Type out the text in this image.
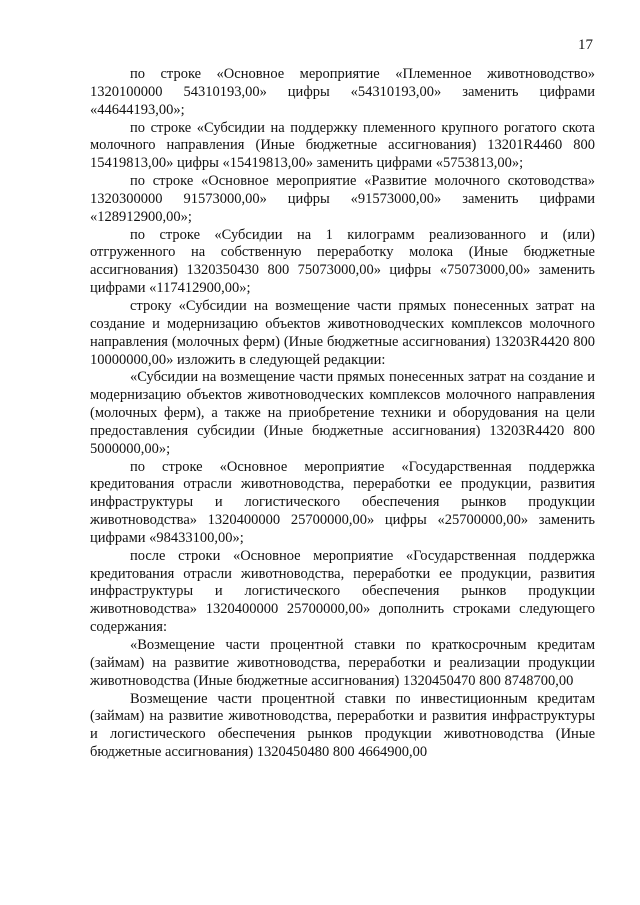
17

по строке «Основное мероприятие «Племенное животноводство» 1320100000 54310193,00» цифры «54310193,00» заменить цифрами «44644193,00»;

по строке «Субсидии на поддержку племенного крупного рогатого скота молочного направления (Иные бюджетные ассигнования) 13201R4460 800 15419813,00» цифры «15419813,00» заменить цифрами «5753813,00»;

по строке «Основное мероприятие «Развитие молочного скотоводства» 1320300000 91573000,00» цифры «91573000,00» заменить цифрами «128912900,00»;

по строке «Субсидии на 1 килограмм реализованного и (или) отгруженного на собственную переработку молока (Иные бюджетные ассигнования) 1320350430 800 75073000,00» цифры «75073000,00» заменить цифрами «117412900,00»;

строку «Субсидии на возмещение части прямых понесенных затрат на создание и модернизацию объектов животноводческих комплексов молочного направления (молочных ферм) (Иные бюджетные ассигнования) 13203R4420 800 10000000,00» изложить в следующей редакции:

«Субсидии на возмещение части прямых понесенных затрат на создание и модернизацию объектов животноводческих комплексов молочного направления (молочных ферм), а также на приобретение техники и оборудования на цели предоставления субсидии (Иные бюджетные ассигнования) 13203R4420 800 5000000,00»;

по строке «Основное мероприятие «Государственная поддержка кредитования отрасли животноводства, переработки ее продукции, развития инфраструктуры и логистического обеспечения рынков продукции животноводства» 1320400000 25700000,00» цифры «25700000,00» заменить цифрами «98433100,00»;

после строки «Основное мероприятие «Государственная поддержка кредитования отрасли животноводства, переработки ее продукции, развития инфраструктуры и логистического обеспечения рынков продукции животноводства» 1320400000 25700000,00» дополнить строками следующего содержания:

«Возмещение части процентной ставки по краткосрочным кредитам (займам) на развитие животноводства, переработки и реализации продукции животноводства (Иные бюджетные ассигнования) 1320450470 800 8748700,00

Возмещение части процентной ставки по инвестиционным кредитам (займам) на развитие животноводства, переработки и развития инфраструктуры и логистического обеспечения рынков продукции животноводства (Иные бюджетные ассигнования) 1320450480 800 4664900,00
